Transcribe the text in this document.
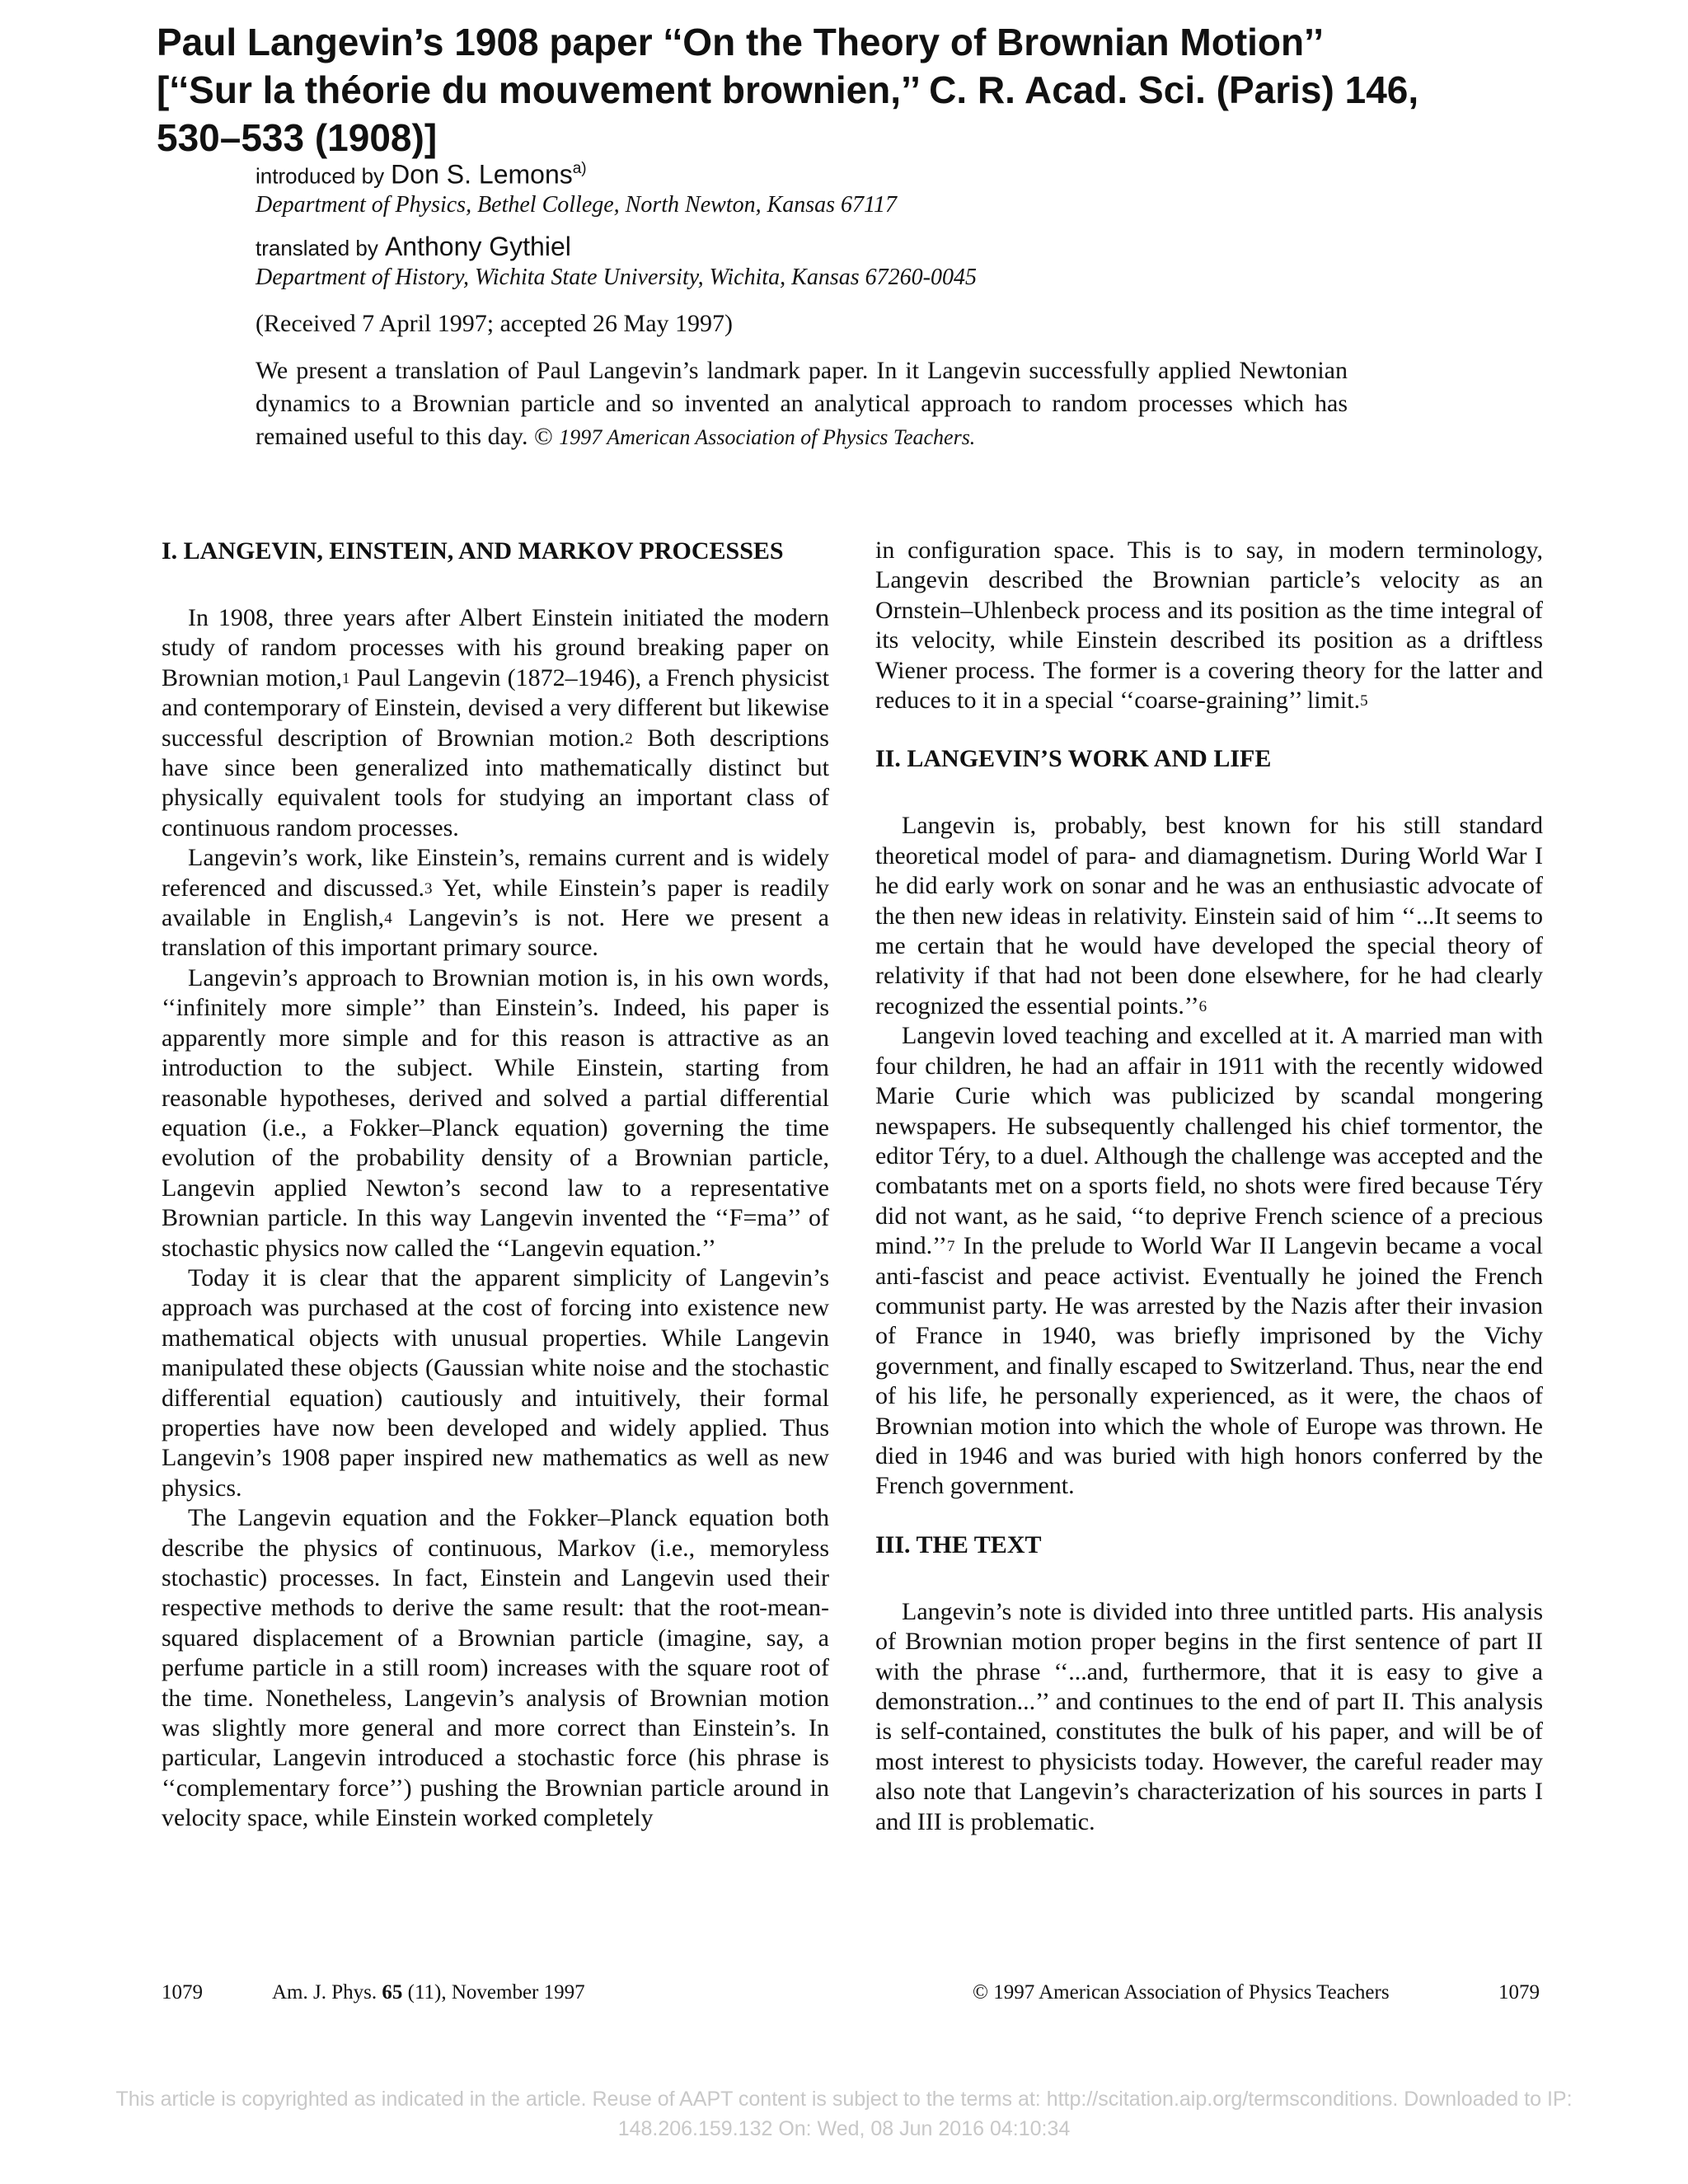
Paul Langevin’s 1908 paper ‘‘On the Theory of Brownian Motion’’
[‘‘Sur la théorie du mouvement brownien,’’ C. R. Acad. Sci. (Paris) 146,
530–533 (1908)]
introduced by Don S. Lemons$^{a)}$
Department of Physics, Bethel College, North Newton, Kansas 67117
translated by Anthony Gythiel
Department of History, Wichita State University, Wichita, Kansas 67260-0045
(Received 7 April 1997; accepted 26 May 1997)

We present a translation of Paul Langevin’s landmark paper. In it Langevin successfully applied Newtonian dynamics to a Brownian particle and so invented an analytical approach to random processes which has remained useful to this day. © 1997 American Association of Physics Teachers.

I. LANGEVIN, EINSTEIN, AND MARKOV PROCESSES

In 1908, three years after Albert Einstein initiated the modern study of random processes with his ground breaking paper on Brownian motion,$^1$ Paul Langevin (1872–1946), a French physicist and contemporary of Einstein, devised a very different but likewise successful description of Brownian motion.$^2$ Both descriptions have since been generalized into mathematically distinct but physically equivalent tools for studying an important class of continuous random processes.

Langevin’s work, like Einstein’s, remains current and is widely referenced and discussed.$^3$ Yet, while Einstein’s paper is readily available in English,$^4$ Langevin’s is not. Here we present a translation of this important primary source.

Langevin’s approach to Brownian motion is, in his own words, ‘‘infinitely more simple’’ than Einstein’s. Indeed, his paper is apparently more simple and for this reason is attractive as an introduction to the subject. While Einstein, starting from reasonable hypotheses, derived and solved a partial differential equation (i.e., a Fokker–Planck equation) governing the time evolution of the probability density of a Brownian particle, Langevin applied Newton’s second law to a representative Brownian particle. In this way Langevin invented the ‘‘F=ma’’ of stochastic physics now called the ‘‘Langevin equation.’’

Today it is clear that the apparent simplicity of Langevin’s approach was purchased at the cost of forcing into existence new mathematical objects with unusual properties. While Langevin manipulated these objects (Gaussian white noise and the stochastic differential equation) cautiously and intuitively, their formal properties have now been developed and widely applied. Thus Langevin’s 1908 paper inspired new mathematics as well as new physics.

The Langevin equation and the Fokker–Planck equation both describe the physics of continuous, Markov (i.e., memoryless stochastic) processes. In fact, Einstein and Langevin used their respective methods to derive the same result: that the root-mean-squared displacement of a Brownian particle (imagine, say, a perfume particle in a still room) increases with the square root of the time. Nonetheless, Langevin’s analysis of Brownian motion was slightly more general and more correct than Einstein’s. In particular, Langevin introduced a stochastic force (his phrase is ‘‘complementary force’’) pushing the Brownian particle around in velocity space, while Einstein worked completely

in configuration space. This is to say, in modern terminology, Langevin described the Brownian particle’s velocity as an Ornstein–Uhlenbeck process and its position as the time integral of its velocity, while Einstein described its position as a driftless Wiener process. The former is a covering theory for the latter and reduces to it in a special ‘‘coarse-graining’’ limit.$^5$

II. LANGEVIN’S WORK AND LIFE

Langevin is, probably, best known for his still standard theoretical model of para- and diamagnetism. During World War I he did early work on sonar and he was an enthusiastic advocate of the then new ideas in relativity. Einstein said of him ‘‘...It seems to me certain that he would have developed the special theory of relativity if that had not been done elsewhere, for he had clearly recognized the essential points.’’$^6$

Langevin loved teaching and excelled at it. A married man with four children, he had an affair in 1911 with the recently widowed Marie Curie which was publicized by scandal mongering newspapers. He subsequently challenged his chief tormentor, the editor Téry, to a duel. Although the challenge was accepted and the combatants met on a sports field, no shots were fired because Téry did not want, as he said, ‘‘to deprive French science of a precious mind.’’$^7$ In the prelude to World War II Langevin became a vocal anti-fascist and peace activist. Eventually he joined the French communist party. He was arrested by the Nazis after their invasion of France in 1940, was briefly imprisoned by the Vichy government, and finally escaped to Switzerland. Thus, near the end of his life, he personally experienced, as it were, the chaos of Brownian motion into which the whole of Europe was thrown. He died in 1946 and was buried with high honors conferred by the French government.

III. THE TEXT

Langevin’s note is divided into three untitled parts. His analysis of Brownian motion proper begins in the first sentence of part II with the phrase ‘‘...and, furthermore, that it is easy to give a demonstration...’’ and continues to the end of part II. This analysis is self-contained, constitutes the bulk of his paper, and will be of most interest to physicists today. However, the careful reader may also note that Langevin’s characterization of his sources in parts I and III is problematic.

1079	Am. J. Phys. 65 (11), November 1997	© 1997 American Association of Physics Teachers	1079
This article is copyrighted as indicated in the article. Reuse of AAPT content is subject to the terms at: http://scitation.aip.org/termsconditions. Downloaded to IP:
148.206.159.132 On: Wed, 08 Jun 2016 04:10:34
